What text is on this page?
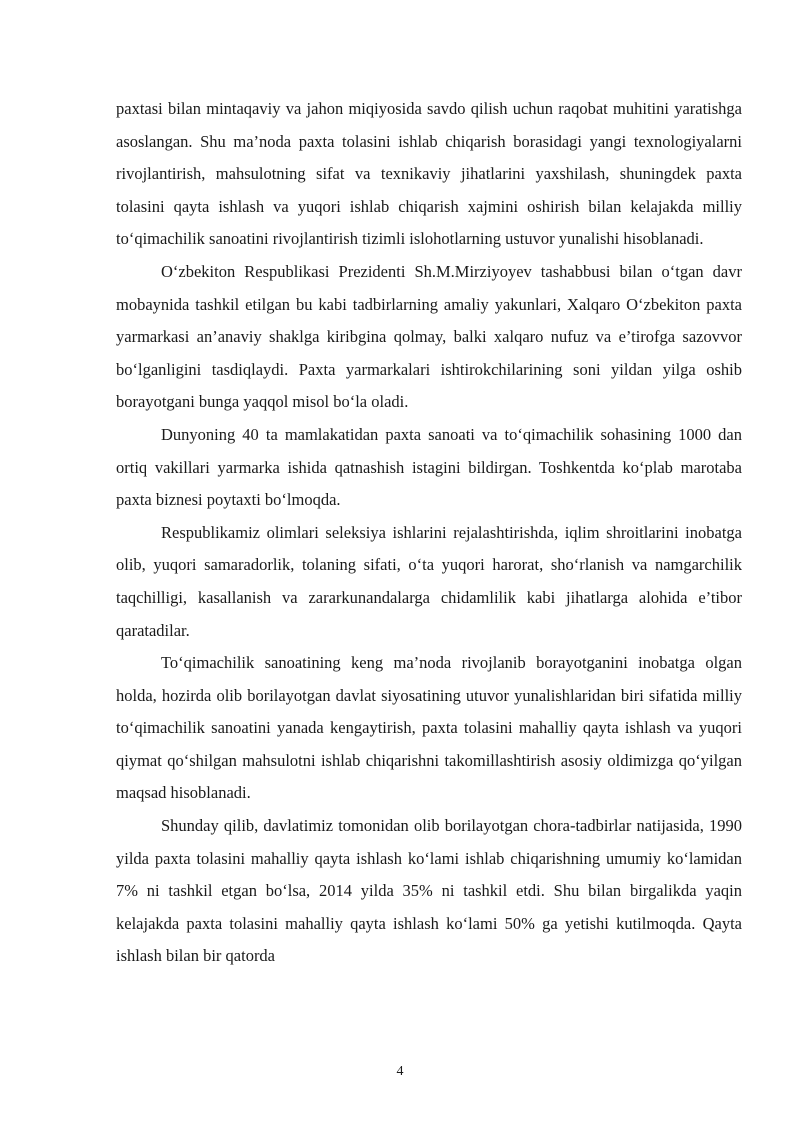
paxtasi bilan mintaqaviy va jahon miqiyosida savdo qilish uchun raqobat muhitini yaratishga asoslangan. Shu ma’noda paxta tolasini ishlab chiqarish borasidagi yangi texnologiyalarni rivojlantirish, mahsulotning sifat va texnikaviy jihatlarini yaxshilash, shuningdek paxta tolasini qayta ishlash va yuqori ishlab chiqarish xajmini oshirish bilan kelajakda milliy to‘qimachilik sanoatini rivojlantirish tizimli islohotlarning ustuvor yunalishi hisoblanadi.

O‘zbekiton Respublikasi Prezidenti Sh.M.Mirziyoyev tashabbusi bilan o‘tgan davr mobaynida tashkil etilgan bu kabi tadbirlarning amaliy yakunlari, Xalqaro O‘zbekiton paxta yarmarkasi an’anaviy shaklga kiribgina qolmay, balki xalqaro nufuz va e’tirofga sazovvor bo‘lganligini tasdiqlaydi. Paxta yarmarkalari ishtirokchilarining soni yildan yilga oshib borayotgani bunga yaqqol misol bo‘la oladi.

Dunyoning 40 ta mamlakatidan paxta sanoati va to‘qimachilik sohasining 1000 dan ortiq vakillari yarmarka ishida qatnashish istagini bildirgan. Toshkentda ko‘plab marotaba paxta biznesi poytaxti bo‘lmoqda.

Respublikamiz olimlari seleksiya ishlarini rejalashtirishda, iqlim shroitlarini inobatga olib, yuqori samaradorlik, tolaning sifati, o‘ta yuqori harorat, sho‘rlanish va namgarchilik taqchilligi, kasallanish va zararkunandalarga chidamlilik kabi jihatlarga alohida e’tibor qaratadilar.

To‘qimachilik sanoatining keng ma’noda rivojlanib borayotganini inobatga olgan holda, hozirda olib borilayotgan davlat siyosatining utuvor yunalishlaridan biri sifatida milliy to‘qimachilik sanoatini yanada kengaytirish, paxta tolasini mahalliy qayta ishlash va yuqori qiymat qo‘shilgan mahsulotni ishlab chiqarishni takomillashtirish asosiy oldimizga qo‘yilgan maqsad hisoblanadi.

Shunday qilib, davlatimiz tomonidan olib borilayotgan chora-tadbirlar natijasida, 1990 yilda paxta tolasini mahalliy qayta ishlash ko‘lami ishlab chiqarishning umumiy ko‘lamidan 7% ni tashkil etgan bo‘lsa, 2014 yilda 35% ni tashkil etdi. Shu bilan birgalikda yaqin kelajakda paxta tolasini mahalliy qayta ishlash ko‘lami 50% ga yetishi kutilmoqda. Qayta ishlash bilan bir qatorda

4
